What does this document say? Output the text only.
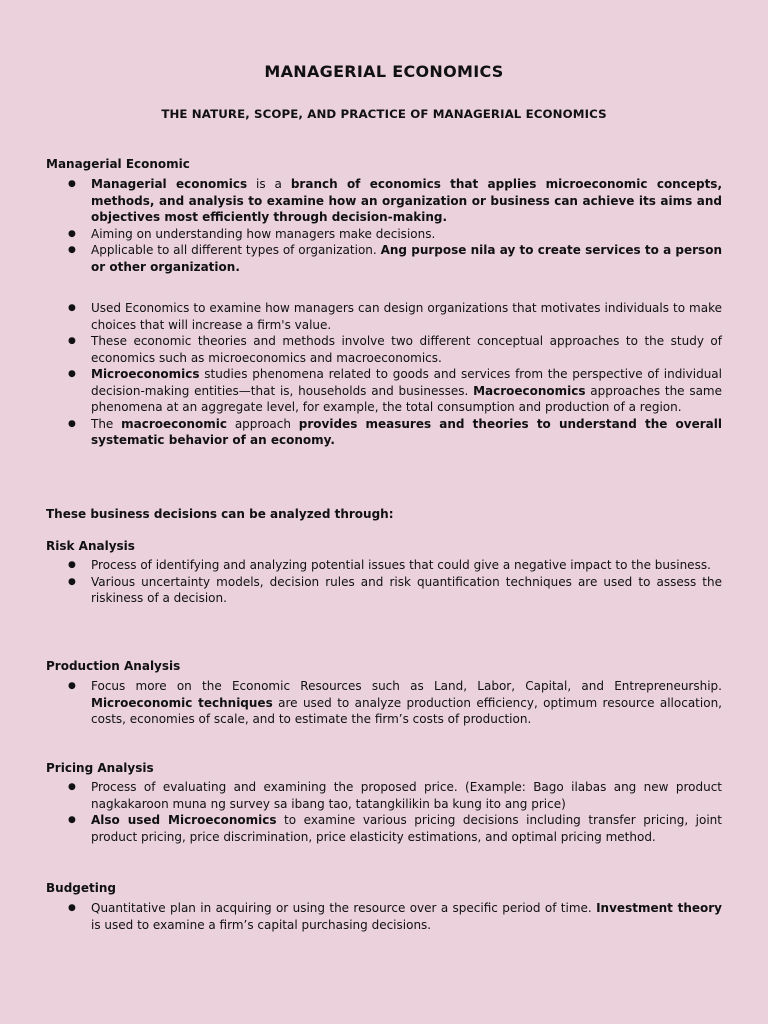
MANAGERIAL ECONOMICS
THE NATURE, SCOPE, AND PRACTICE OF MANAGERIAL ECONOMICS
Managerial Economic
● Managerial economics is a branch of economics that applies microeconomic concepts, methods, and analysis to examine how an organization or business can achieve its aims and objectives most efficiently through decision-making.
● Aiming on understanding how managers make decisions.
● Applicable to all different types of organization. Ang purpose nila ay to create services to a person or other organization.
● Used Economics to examine how managers can design organizations that motivates individuals to make choices that will increase a firm's value.
● These economic theories and methods involve two different conceptual approaches to the study of economics such as microeconomics and macroeconomics.
● Microeconomics studies phenomena related to goods and services from the perspective of individual decision-making entities—that is, households and businesses. Macroeconomics approaches the same phenomena at an aggregate level, for example, the total consumption and production of a region.
● The macroeconomic approach provides measures and theories to understand the overall systematic behavior of an economy.
These business decisions can be analyzed through:
Risk Analysis
● Process of identifying and analyzing potential issues that could give a negative impact to the business.
● Various uncertainty models, decision rules and risk quantification techniques are used to assess the riskiness of a decision.
Production Analysis
● Focus more on the Economic Resources such as Land, Labor, Capital, and Entrepreneurship. Microeconomic techniques are used to analyze production efficiency, optimum resource allocation, costs, economies of scale, and to estimate the firm’s costs of production.
Pricing Analysis
● Process of evaluating and examining the proposed price. (Example: Bago ilabas ang new product nagkakaroon muna ng survey sa ibang tao, tatangkilikin ba kung ito ang price)
● Also used Microeconomics to examine various pricing decisions including transfer pricing, joint product pricing, price discrimination, price elasticity estimations, and optimal pricing method.
Budgeting
● Quantitative plan in acquiring or using the resource over a specific period of time. Investment theory is used to examine a firm’s capital purchasing decisions.
